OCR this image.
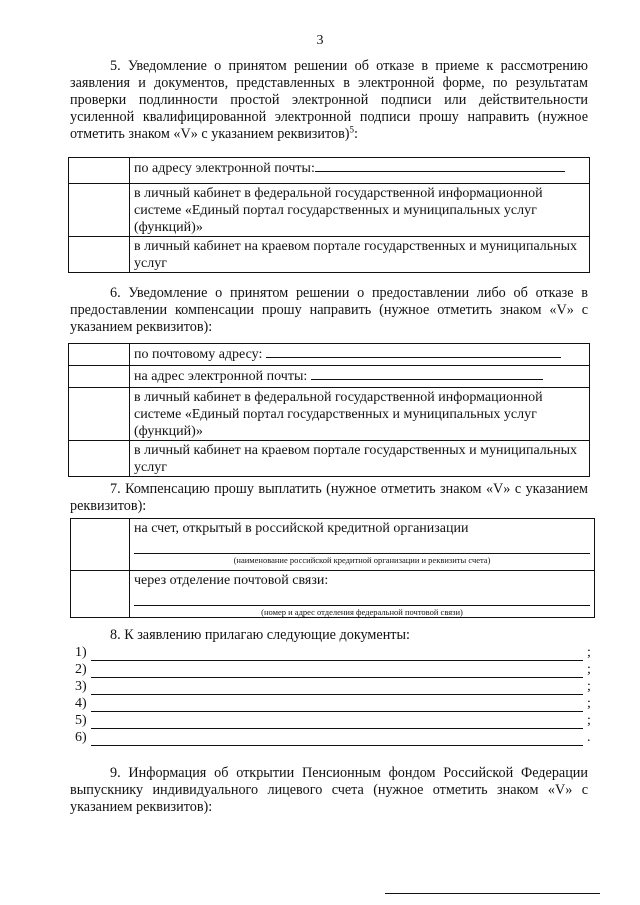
3
5. Уведомление о принятом решении об отказе в приеме к рассмотрению заявления и документов, представленных в электронной форме, по результатам проверки подлинности простой электронной подписи или действительности усиленной квалифицированной электронной подписи прошу направить (нужное отметить знаком «V» с указанием реквизитов)$^5$:
	по адресу электронной почты:
	в личный кабинет в федеральной государственной информационной системе «Единый портал государственных и муниципальных услуг (функций)»
	в личный кабинет на краевом портале государственных и муниципальных услуг
6. Уведомление о принятом решении о предоставлении либо об отказе в предоставлении компенсации прошу направить (нужное отметить знаком «V» с указанием реквизитов):
	по почтовому адресу:
	на адрес электронной почты:
	в личный кабинет в федеральной государственной информационной системе «Единый портал государственных и муниципальных услуг (функций)»
	в личный кабинет на краевом портале государственных и муниципальных услуг
7. Компенсацию прошу выплатить (нужное отметить знаком «V» с указанием реквизитов):

	на счет, открытый в российской кредитной организации
(наименование российской кредитной организации и реквизиты счета)

	через отделение почтовой связи:
(номер и адрес отделения федеральной почтовой связи)
8. К заявлению прилагаю следующие документы:
1)	;
2)	;
3)	;
4)	;
5)	;
6)	.
9. Информация об открытии Пенсионным фондом Российской Федерации выпускнику индивидуального лицевого счета (нужное отметить знаком «V» с указанием реквизитов):
